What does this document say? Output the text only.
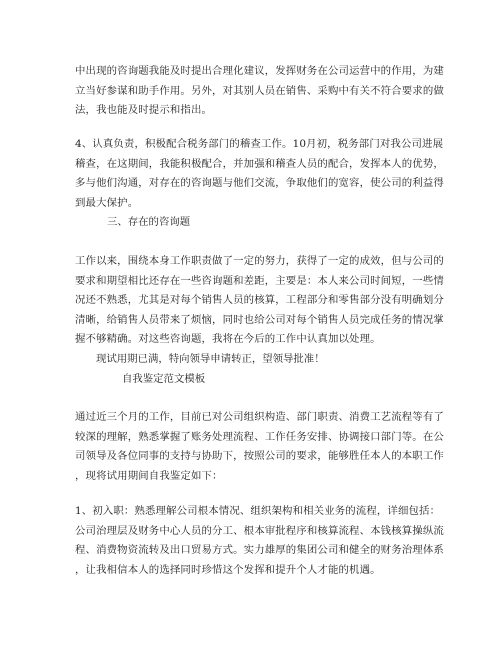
中出现的咨询题我能及时提出合理化建议，发挥财务在公司运营中的作用，为建
立当好参谋和助手作用。另外，对其别人员在销售、采购中有关不符合要求的做
法，我也能及时提示和指出。
4、认真负责，积极配合税务部门的稽查工作。10月初，税务部门对我公司进展
稽查，在这期间，我能积极配合，并加强和稽查人员的配合，发挥本人的优势，
多与他们沟通，对存在的咨询题与他们交流，争取他们的宽容，使公司的利益得
到最大保护。
三、存在的咨询题
工作以来，围绕本身工作职责做了一定的努力，获得了一定的成效，但与公司的
要求和期望相比还存在一些咨询题和差距，主要是：本人来公司时间短，一些情
况还不熟悉，尤其是对每个销售人员的核算，工程部分和零售部分没有明确划分
清晰，给销售人员带来了烦恼，同时也给公司对每个销售人员完成任务的情况掌
握不够精确。对这些咨询题，我将在今后的工作中认真加以处理。
现试用期已满，特向领导申请转正，望领导批准！
自我鉴定范文模板
通过近三个月的工作，目前已对公司组织构造、部门职责、消费工艺流程等有了
较深的理解，熟悉掌握了账务处理流程、工作任务安排、协调接口部门等。在公
司领导及各位同事的支持与协助下，按照公司的要求，能够胜任本人的本职工作
，现将试用期间自我鉴定如下：
1、初入职：熟悉理解公司根本情况、组织架构和相关业务的流程，详细包括：
公司治理层及财务中心人员的分工、根本审批程序和核算流程、本钱核算操纵流
程、消费物资流转及出口贸易方式。实力雄厚的集团公司和健全的财务治理体系
，让我相信本人的选择同时珍惜这个发挥和提升个人才能的机遇。
